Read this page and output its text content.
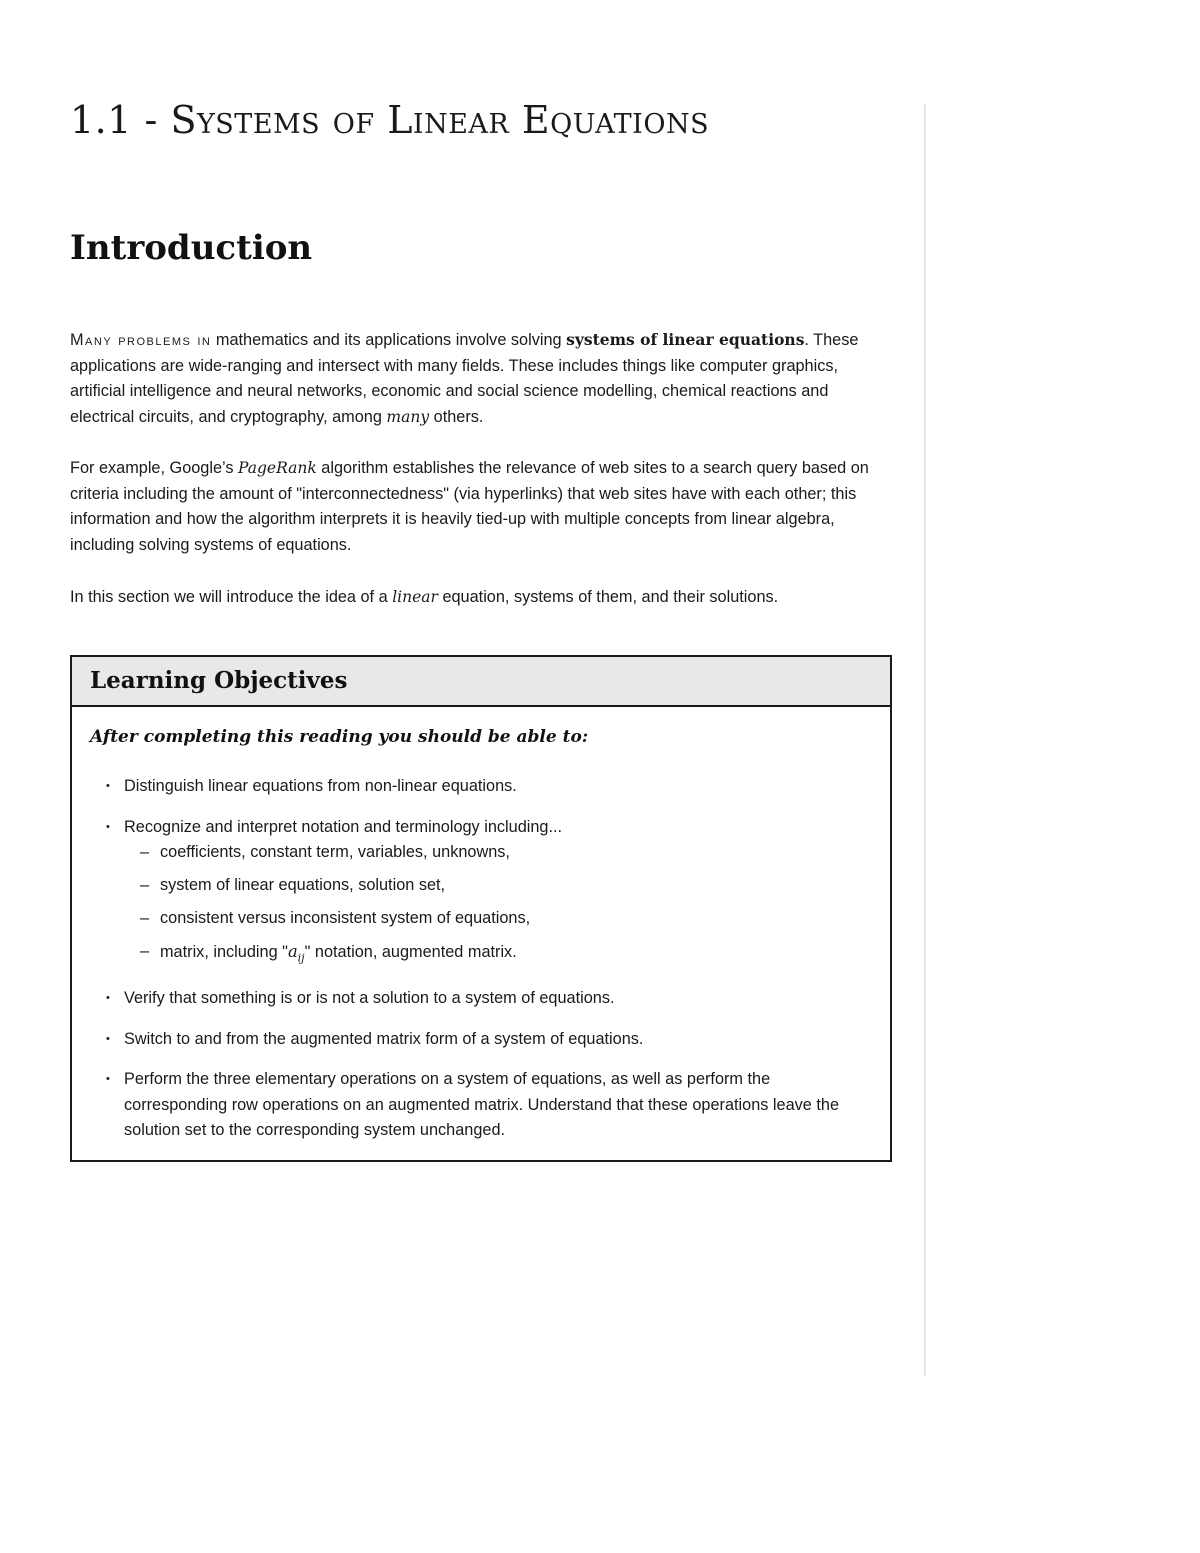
1.1 - Systems of Linear Equations
Introduction

Many problems in mathematics and its applications involve solving systems of linear equations. These applications are wide-ranging and intersect with many fields. These includes things like computer graphics, artificial intelligence and neural networks, economic and social science modelling, chemical reactions and electrical circuits, and cryptography, among many others.

For example, Google’s PageRank algorithm establishes the relevance of web sites to a search query based on criteria including the amount of "interconnectedness" (via hyperlinks) that web sites have with each other; this information and how the algorithm interprets it is heavily tied-up with multiple concepts from linear algebra, including solving systems of equations.

In this section we will introduce the idea of a linear equation, systems of them, and their solutions.

Learning Objectives

After completing this reading you should be able to:

• Distinguish linear equations from non-linear equations.
• Recognize and interpret notation and terminology including...
– coefficients, constant term, variables, unknowns,
– system of linear equations, solution set,
– consistent versus inconsistent system of equations,
– matrix, including "$a_{ij}$" notation, augmented matrix.
• Verify that something is or is not a solution to a system of equations.
• Switch to and from the augmented matrix form of a system of equations.
• Perform the three elementary operations on a system of equations, as well as perform the corresponding row operations on an augmented matrix. Understand that these operations leave the solution set to the corresponding system unchanged.
